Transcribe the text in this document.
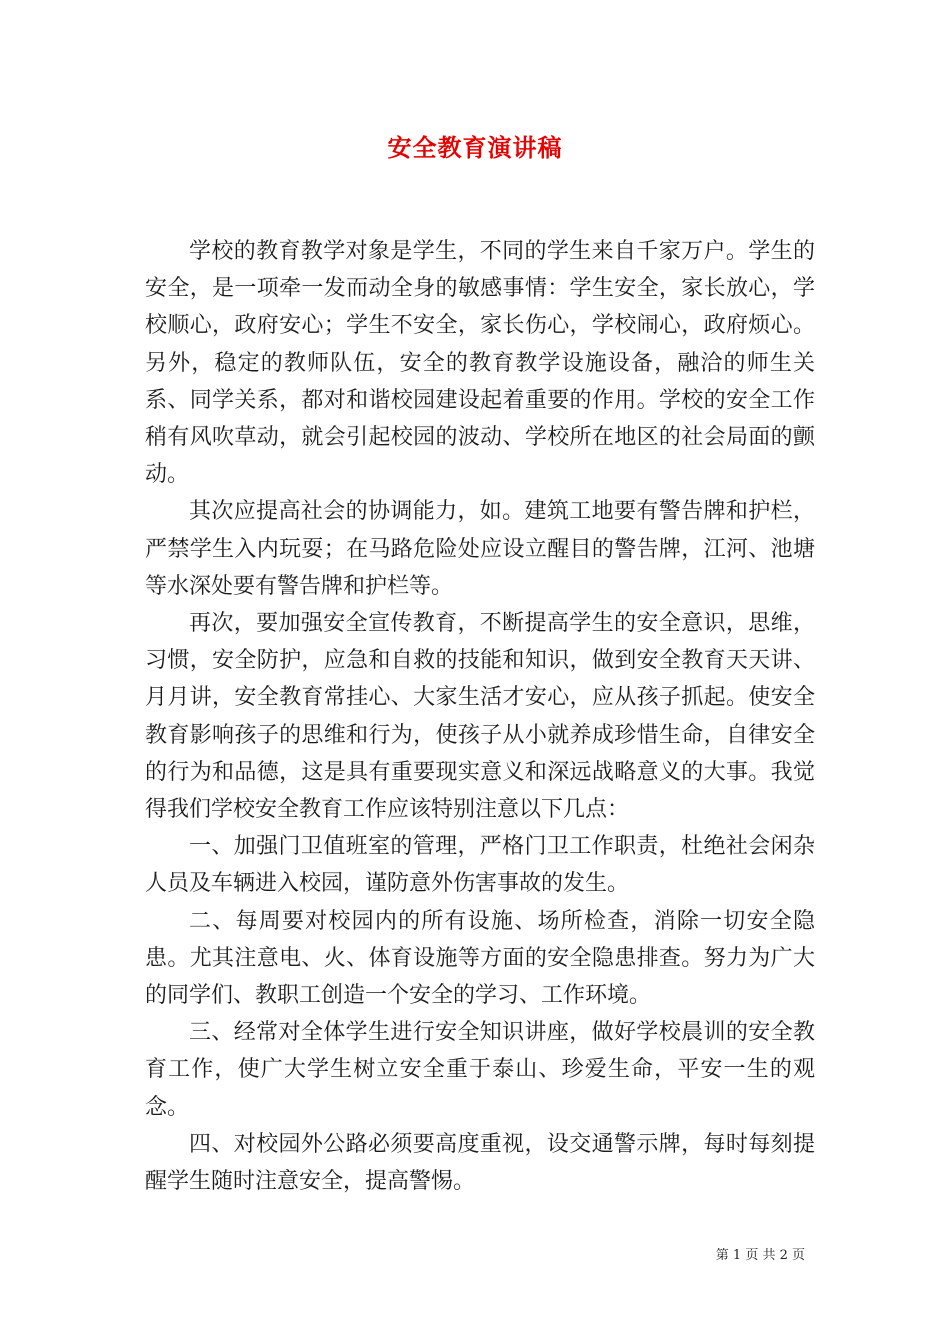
安全教育演讲稿

学校的教育教学对象是学生，不同的学生来自千家万户。学生的安全，是一项牵一发而动全身的敏感事情：学生安全，家长放心，学校顺心，政府安心；学生不安全，家长伤心，学校闹心，政府烦心。另外，稳定的教师队伍，安全的教育教学设施设备，融洽的师生关系、同学关系，都对和谐校园建设起着重要的作用。学校的安全工作稍有风吹草动，就会引起校园的波动、学校所在地区的社会局面的颤动。

其次应提高社会的协调能力，如。建筑工地要有警告牌和护栏，严禁学生入内玩耍；在马路危险处应设立醒目的警告牌，江河、池塘等水深处要有警告牌和护栏等。

再次，要加强安全宣传教育，不断提高学生的安全意识，思维，习惯，安全防护，应急和自救的技能和知识，做到安全教育天天讲、月月讲，安全教育常挂心、大家生活才安心，应从孩子抓起。使安全教育影响孩子的思维和行为，使孩子从小就养成珍惜生命，自律安全的行为和品德，这是具有重要现实意义和深远战略意义的大事。我觉得我们学校安全教育工作应该特别注意以下几点：

一、加强门卫值班室的管理，严格门卫工作职责，杜绝社会闲杂人员及车辆进入校园，谨防意外伤害事故的发生。

二、每周要对校园内的所有设施、场所检查，消除一切安全隐患。尤其注意电、火、体育设施等方面的安全隐患排查。努力为广大的同学们、教职工创造一个安全的学习、工作环境。

三、经常对全体学生进行安全知识讲座，做好学校晨训的安全教育工作，使广大学生树立安全重于泰山、珍爱生命，平安一生的观念。

四、对校园外公路必须要高度重视，设交通警示牌，每时每刻提醒学生随时注意安全，提高警惕。

第 1 页 共 2 页
